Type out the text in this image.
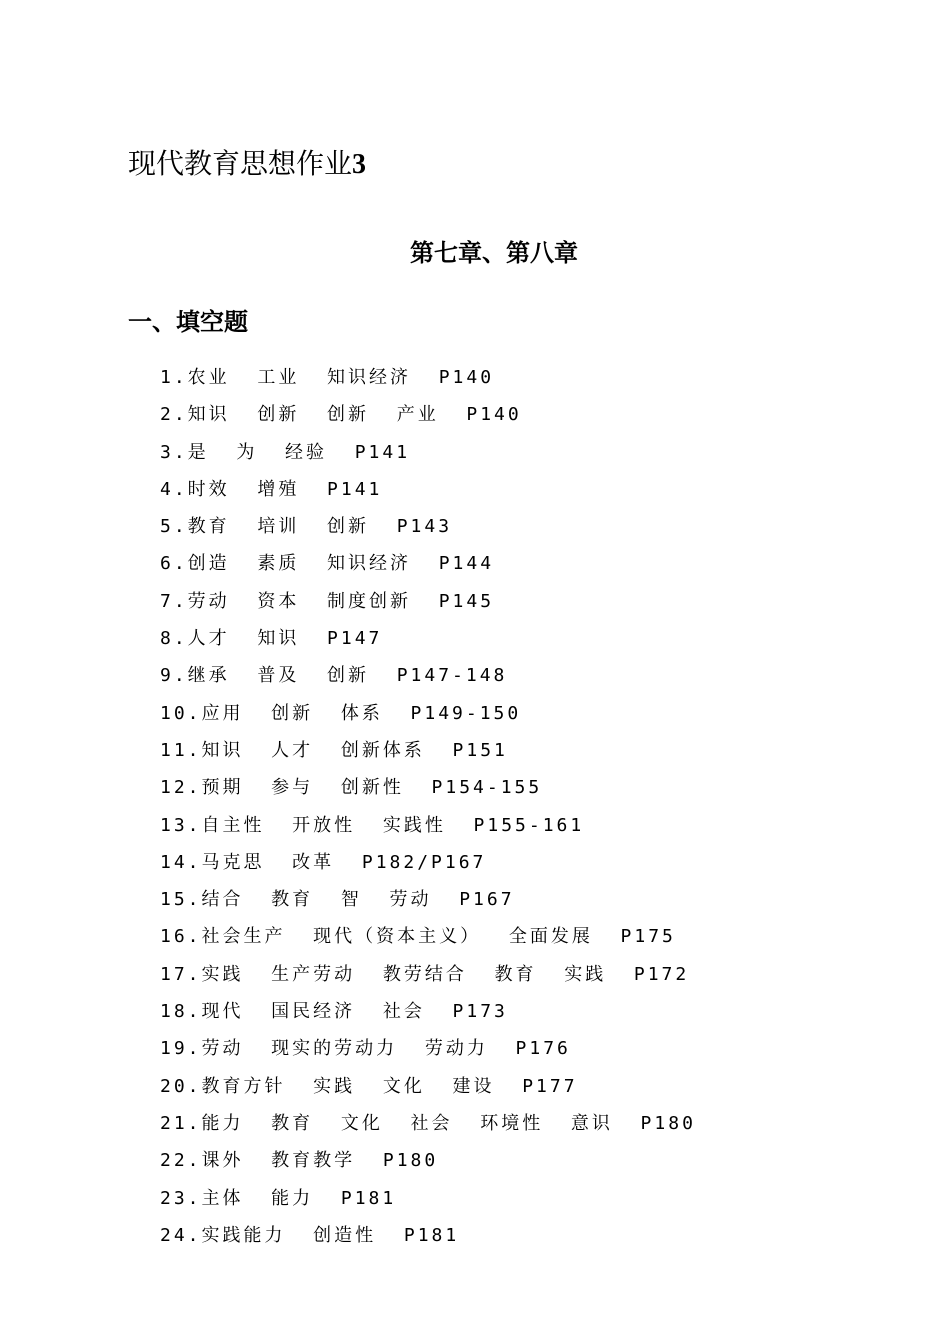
现代教育思想作业3
第七章、第八章
一、填空题
1.农业  工业  知识经济  P140
2.知识  创新  创新  产业  P140
3.是  为  经验  P141
4.时效  增殖  P141
5.教育  培训  创新  P143
6.创造  素质  知识经济  P144
7.劳动  资本  制度创新  P145
8.人才  知识  P147
9.继承  普及  创新  P147-148
10.应用  创新  体系  P149-150
11.知识  人才  创新体系  P151
12.预期  参与  创新性  P154-155
13.自主性  开放性  实践性  P155-161
14.马克思  改革  P182/P167
15.结合  教育  智  劳动  P167
16.社会生产  现代（资本主义）  全面发展  P175
17.实践  生产劳动  教劳结合  教育  实践  P172
18.现代  国民经济  社会  P173
19.劳动  现实的劳动力  劳动力  P176
20.教育方针  实践  文化  建设  P177
21.能力  教育  文化  社会  环境性  意识  P180
22.课外  教育教学  P180
23.主体  能力  P181
24.实践能力  创造性  P181
